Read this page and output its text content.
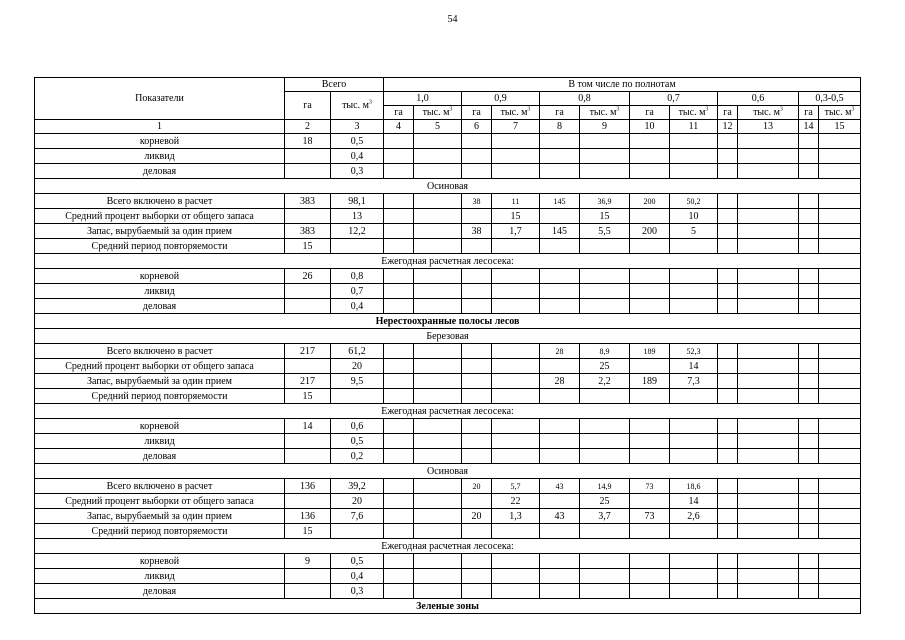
54
Показатели	Всего		В том числе по полнотам											
	га	тыс. $м^3$	1,0		0,9		0,8		0,7		0,6		0,3-0,5	
			га	тыс. $м^3$	га	тыс. $м^3$	га	тыс. $м^3$	га	тыс. $м^3$	га	тыс. $м^3$	га	тыс. $м^3$
1	2	3	4	5	6	7	8	9	10	11	12	13	14	15
корневой	18	0,5												
ликвид		0,4												
деловая		0,3												
Осиновая														
Всего включено в расчет	383	98,1			38	11	145	36,9	200	50,2				
Средний процент выборки от общего запаса		13				15		15		10				
Запас, вырубаемый за один прием	383	12,2			38	1,7	145	5,5	200	5				
Средний период повторяемости	15													
Ежегодная расчетная лесосека:														
корневой	26	0,8												
ликвид		0,7												
деловая		0,4												
Нерестоохранные полосы лесов														
Березовая														
Всего включено в расчет	217	61,2					28	8,9	189	52,3				
Средний процент выборки от общего запаса		20						25		14				
Запас, вырубаемый за один прием	217	9,5					28	2,2	189	7,3				
Средний период повторяемости	15													
Ежегодная расчетная лесосека:														
корневой	14	0,6												
ликвид		0,5												
деловая		0,2												
Осиновая														
Всего включено в расчет	136	39,2			20	5,7	43	14,9	73	18,6				
Средний процент выборки от общего запаса		20				22		25		14				
Запас, вырубаемый за один прием	136	7,6			20	1,3	43	3,7	73	2,6				
Средний период повторяемости	15													
Ежегодная расчетная лесосека:														
корневой	9	0,5												
ликвид		0,4												
деловая		0,3												
Зеленые зоны														
